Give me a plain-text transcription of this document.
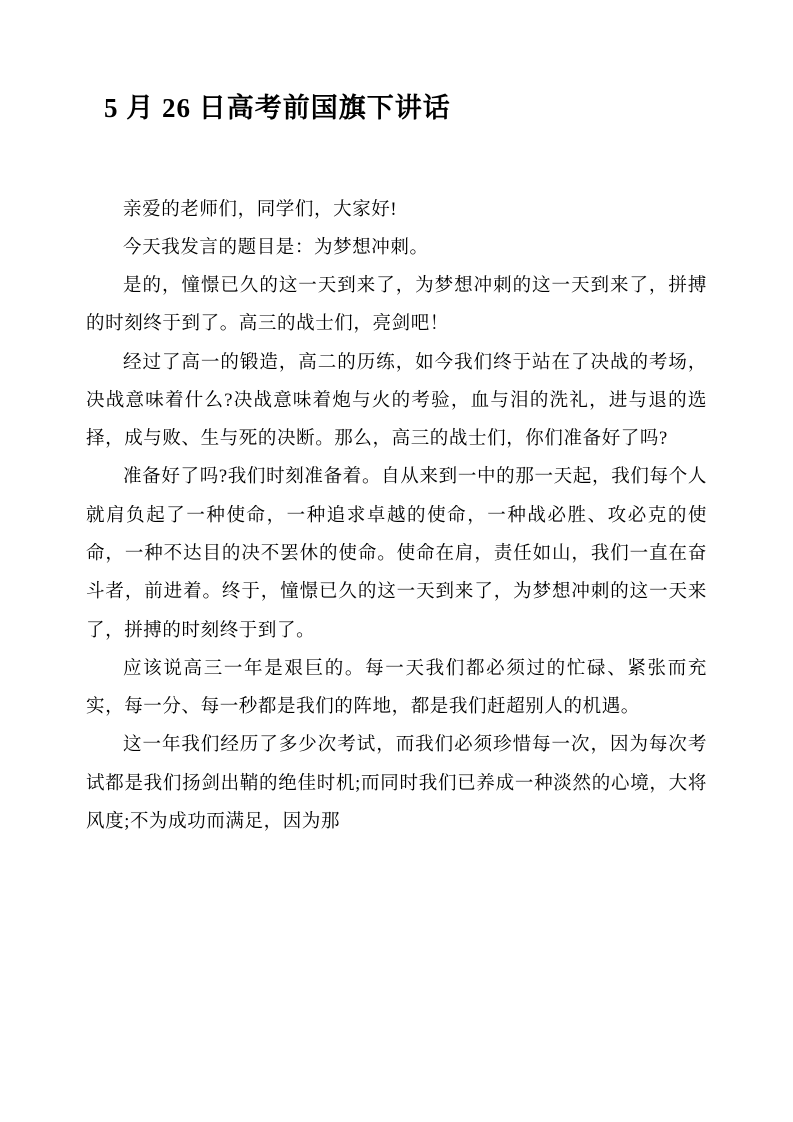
5 月 26 日高考前国旗下讲话

亲爱的老师们，同学们，大家好!

今天我发言的题目是：为梦想冲刺。

是的，憧憬已久的这一天到来了，为梦想冲刺的这一天到来了，拼搏的时刻终于到了。高三的战士们，亮剑吧！

经过了高一的锻造，高二的历练，如今我们终于站在了决战的考场，决战意味着什么?决战意味着炮与火的考验，血与泪的洗礼，进与退的选择，成与败、生与死的决断。那么，高三的战士们，你们准备好了吗?

准备好了吗?我们时刻准备着。自从来到一中的那一天起，我们每个人就肩负起了一种使命，一种追求卓越的使命，一种战必胜、攻必克的使命，一种不达目的决不罢休的使命。使命在肩，责任如山，我们一直在奋斗者，前进着。终于，憧憬已久的这一天到来了，为梦想冲刺的这一天来了，拼搏的时刻终于到了。

应该说高三一年是艰巨的。每一天我们都必须过的忙碌、紧张而充实，每一分、每一秒都是我们的阵地，都是我们赶超别人的机遇。

这一年我们经历了多少次考试，而我们必须珍惜每一次，因为每次考试都是我们扬剑出鞘的绝佳时机;而同时我们已养成一种淡然的心境，大将风度;不为成功而满足，因为那
